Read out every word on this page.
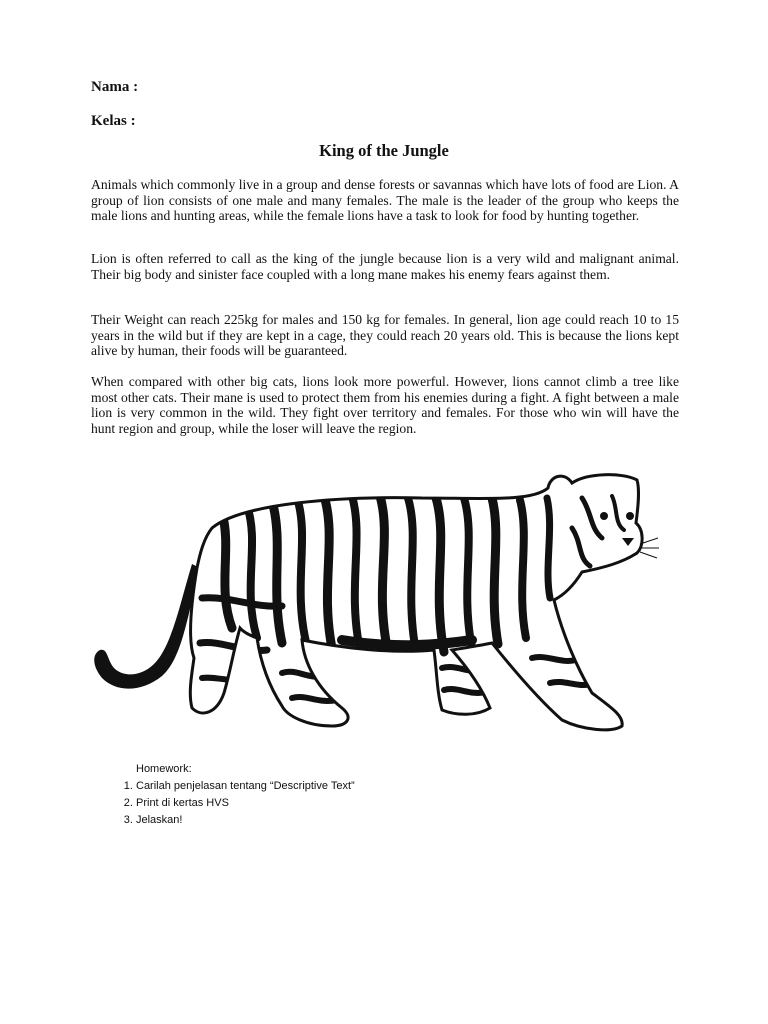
Nama :
Kelas :
King of the Jungle

Animals which commonly live in a group and dense forests or savannas which have lots of food are Lion. A group of lion consists of one male and many females. The male is the leader of the group who keeps the male lions and hunting areas, while the female lions have a task to look for food by hunting together.

Lion is often referred to call as the king of the jungle because lion is a very wild and malignant animal. Their big body and sinister face coupled with a long mane makes his enemy fears against them.

Their Weight can reach 225kg for males and 150 kg for females. In general, lion age could reach 10 to 15 years in the wild but if they are kept in a cage, they could reach 20 years old. This is because the lions kept alive by human, their foods will be guaranteed.

When compared with other big cats, lions look more powerful. However, lions cannot climb a tree like most other cats. Their mane is used to protect them from his enemies during a fight. A fight between a male lion is very common in the wild. They fight over territory and females. For those who win will have the hunt region and group, while the loser will leave the region.

Homework:
1. Carilah penjelasan tentang “Descriptive Text”
2. Print di kertas HVS
3. Jelaskan!
